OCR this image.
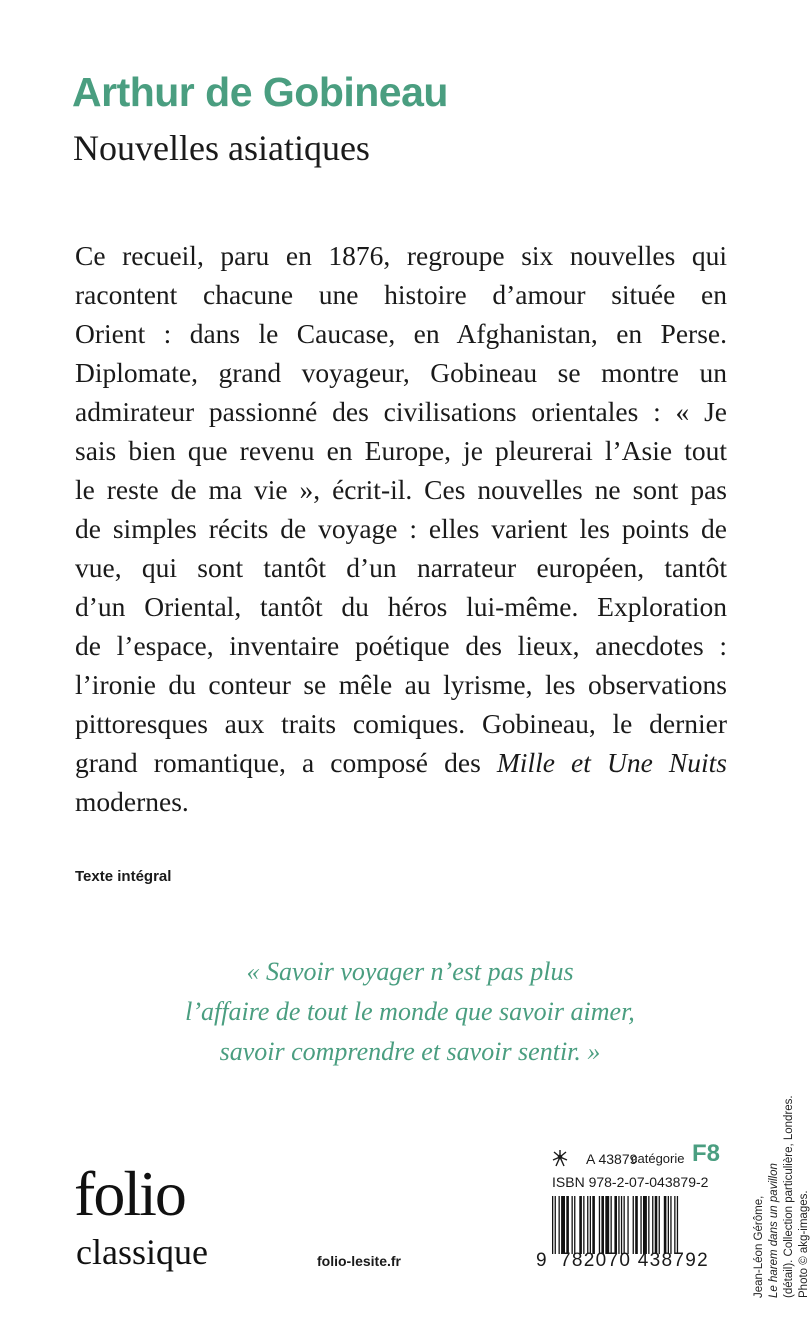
Arthur de Gobineau
Nouvelles asiatiques
Ce recueil, paru en 1876, regroupe six nouvelles qui
racontent chacune une histoire d’amour située en
Orient : dans le Caucase, en Afghanistan, en Perse.
Diplomate, grand voyageur, Gobineau se montre un
admirateur passionné des civilisations orientales : « Je
sais bien que revenu en Europe, je pleurerai l’Asie tout
le reste de ma vie », écrit-il. Ces nouvelles ne sont pas
de simples récits de voyage : elles varient les points de
vue, qui sont tantôt d’un narrateur européen, tantôt
d’un Oriental, tantôt du héros lui-même. Exploration
de l’espace, inventaire poétique des lieux, anecdotes :
l’ironie du conteur se mêle au lyrisme, les observations
pittoresques aux traits comiques. Gobineau, le dernier
grand romantique, a composé des Mille et Une Nuits
modernes.
Texte intégral
« Savoir voyager n’est pas plus
l’affaire de tout le monde que savoir aimer,
savoir comprendre et savoir sentir. »
folio
classique	folio-lesite.fr
A 43879
catégorie F8
ISBN 978-2-07-043879-2
9 782070 438792	Jean-Léon Gérôme, Le harem dans un pavillon (détail). Collection particulière, Londres. Photo © akg-images.
